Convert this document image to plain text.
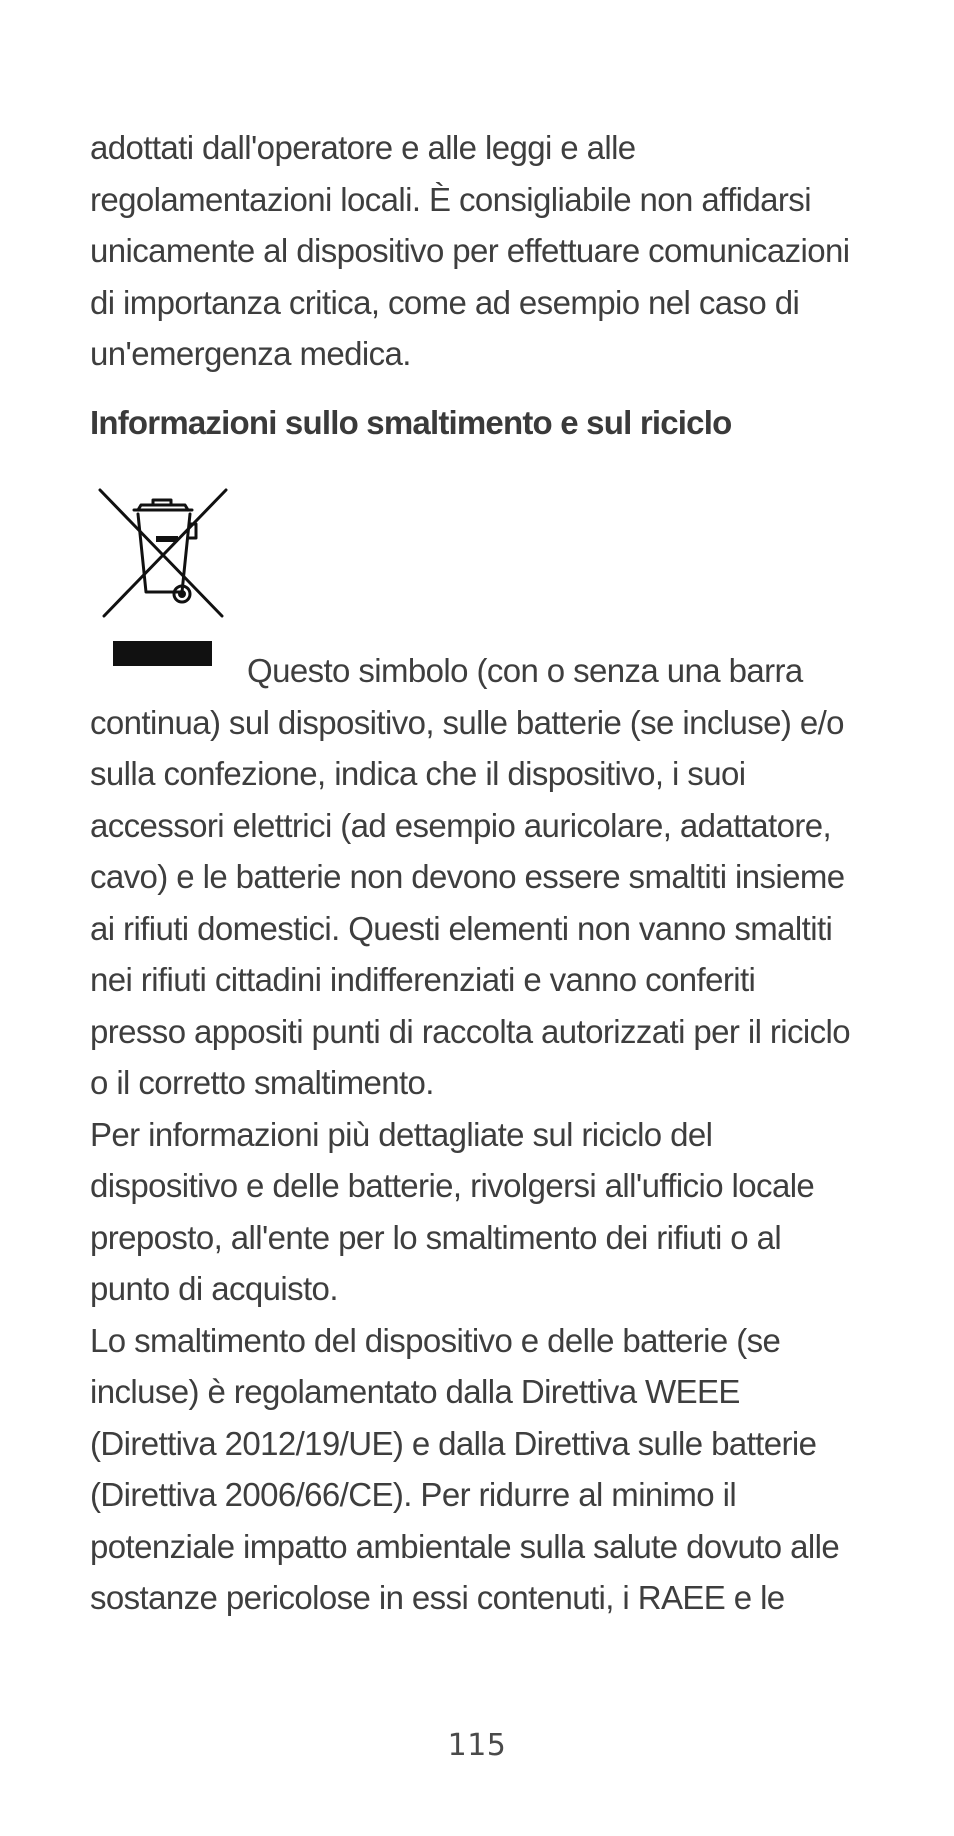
adottati dall'operatore e alle leggi e alle
regolamentazioni locali. È consigliabile non affidarsi
unicamente al dispositivo per effettuare comunicazioni
di importanza critica, come ad esempio nel caso di
un'emergenza medica.

Informazioni sullo smaltimento e sul riciclo

Questo simbolo (con o senza una barra
continua) sul dispositivo, sulle batterie (se incluse) e/o
sulla confezione, indica che il dispositivo, i suoi
accessori elettrici (ad esempio auricolare, adattatore,
cavo) e le batterie non devono essere smaltiti insieme
ai rifiuti domestici. Questi elementi non vanno smaltiti
nei rifiuti cittadini indifferenziati e vanno conferiti
presso appositi punti di raccolta autorizzati per il riciclo
o il corretto smaltimento.
Per informazioni più dettagliate sul riciclo del
dispositivo e delle batterie, rivolgersi all'ufficio locale
preposto, all'ente per lo smaltimento dei rifiuti o al
punto di acquisto.
Lo smaltimento del dispositivo e delle batterie (se
incluse) è regolamentato dalla Direttiva WEEE
(Direttiva 2012/19/UE) e dalla Direttiva sulle batterie
(Direttiva 2006/66/CE). Per ridurre al minimo il
potenziale impatto ambientale sulla salute dovuto alle
sostanze pericolose in essi contenuti, i RAEE e le

115
